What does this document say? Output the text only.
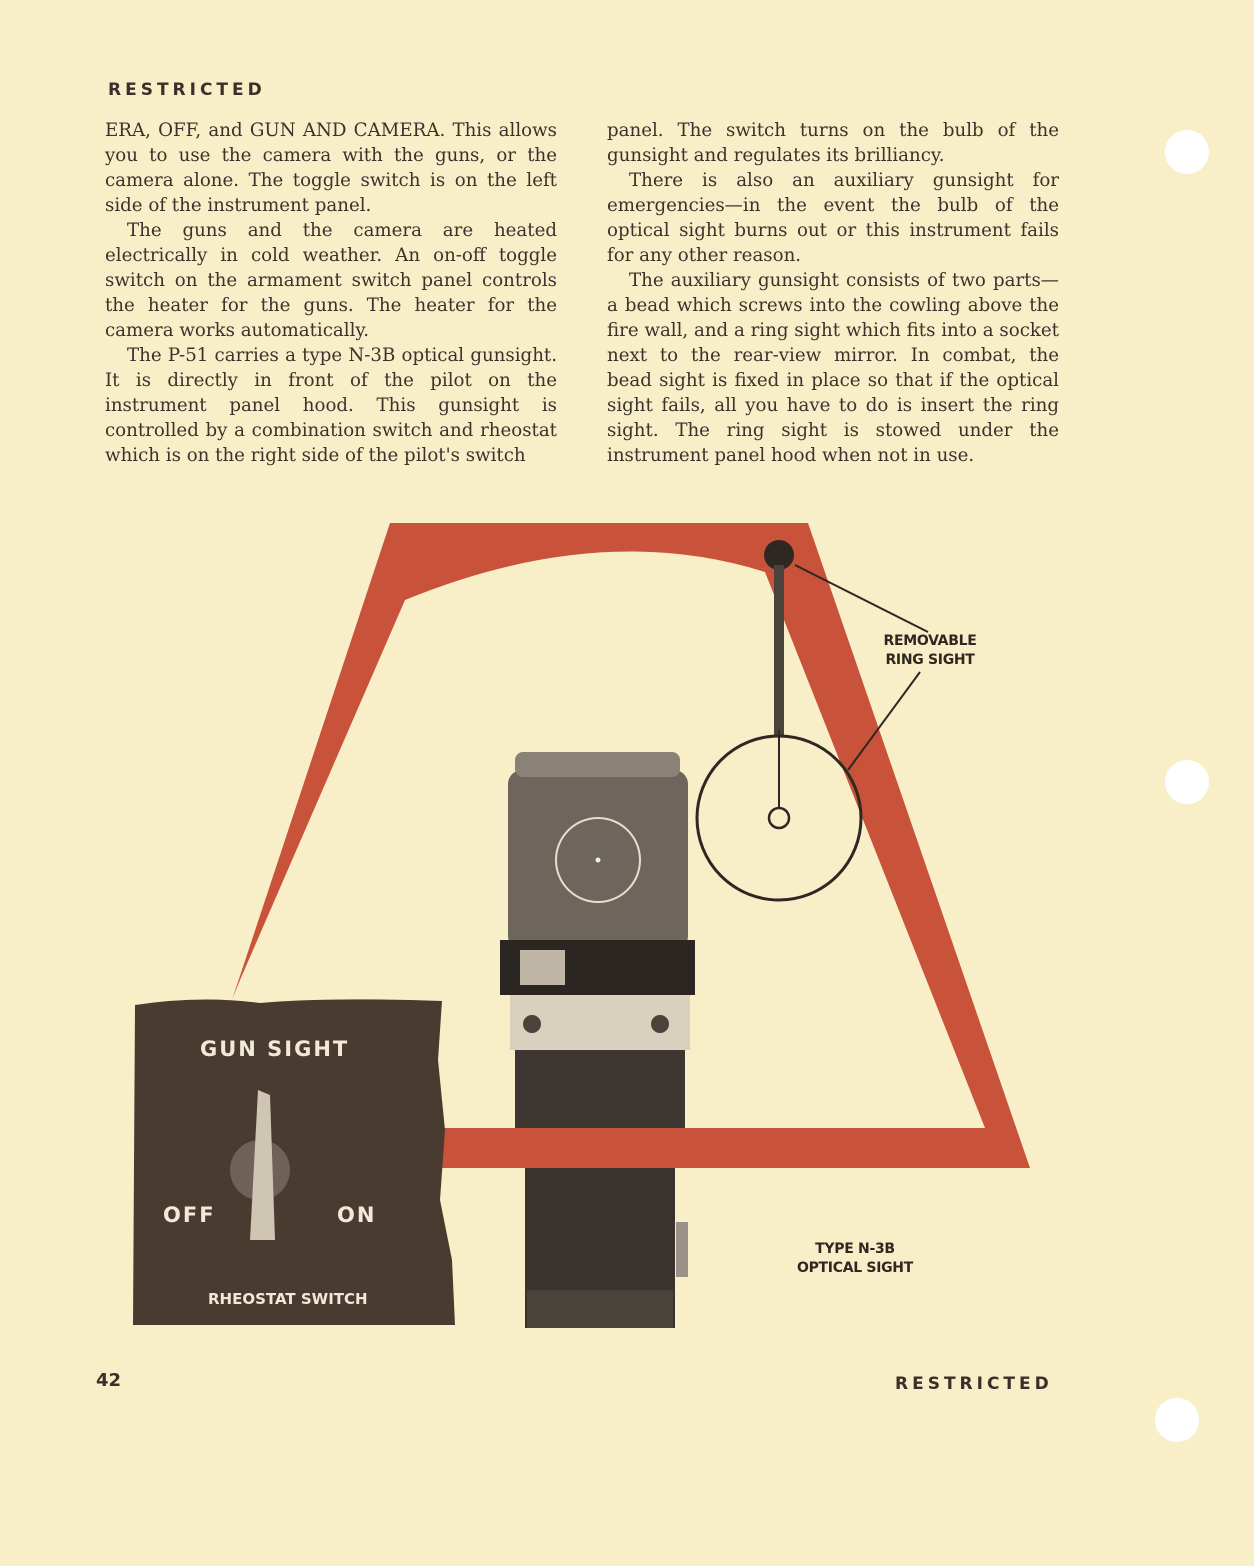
RESTRICTED

ERA, OFF, and GUN AND CAMERA. This allows you to use the camera with the guns, or the camera alone. The toggle switch is on the left side of the instrument panel.

The guns and the camera are heated electrically in cold weather. An on-off toggle switch on the armament switch panel controls the heater for the guns. The heater for the camera works automatically.

The P-51 carries a type N-3B optical gunsight. It is directly in front of the pilot on the instrument panel hood. This gunsight is controlled by a combination switch and rheostat which is on the right side of the pilot's switch

panel. The switch turns on the bulb of the gunsight and regulates its brilliancy.

There is also an auxiliary gunsight for emergencies—in the event the bulb of the optical sight burns out or this instrument fails for any other reason.

The auxiliary gunsight consists of two parts—a bead which screws into the cowling above the fire wall, and a ring sight which fits into a socket next to the rear-view mirror. In combat, the bead sight is fixed in place so that if the optical sight fails, all you have to do is insert the ring sight. The ring sight is stowed under the instrument panel hood when not in use.

REMOVABLE
RING SIGHT
TYPE N-3B
OPTICAL SIGHT
GUN SIGHT
OFF	ON
RHEOSTAT SWITCH
42	RESTRICTED
